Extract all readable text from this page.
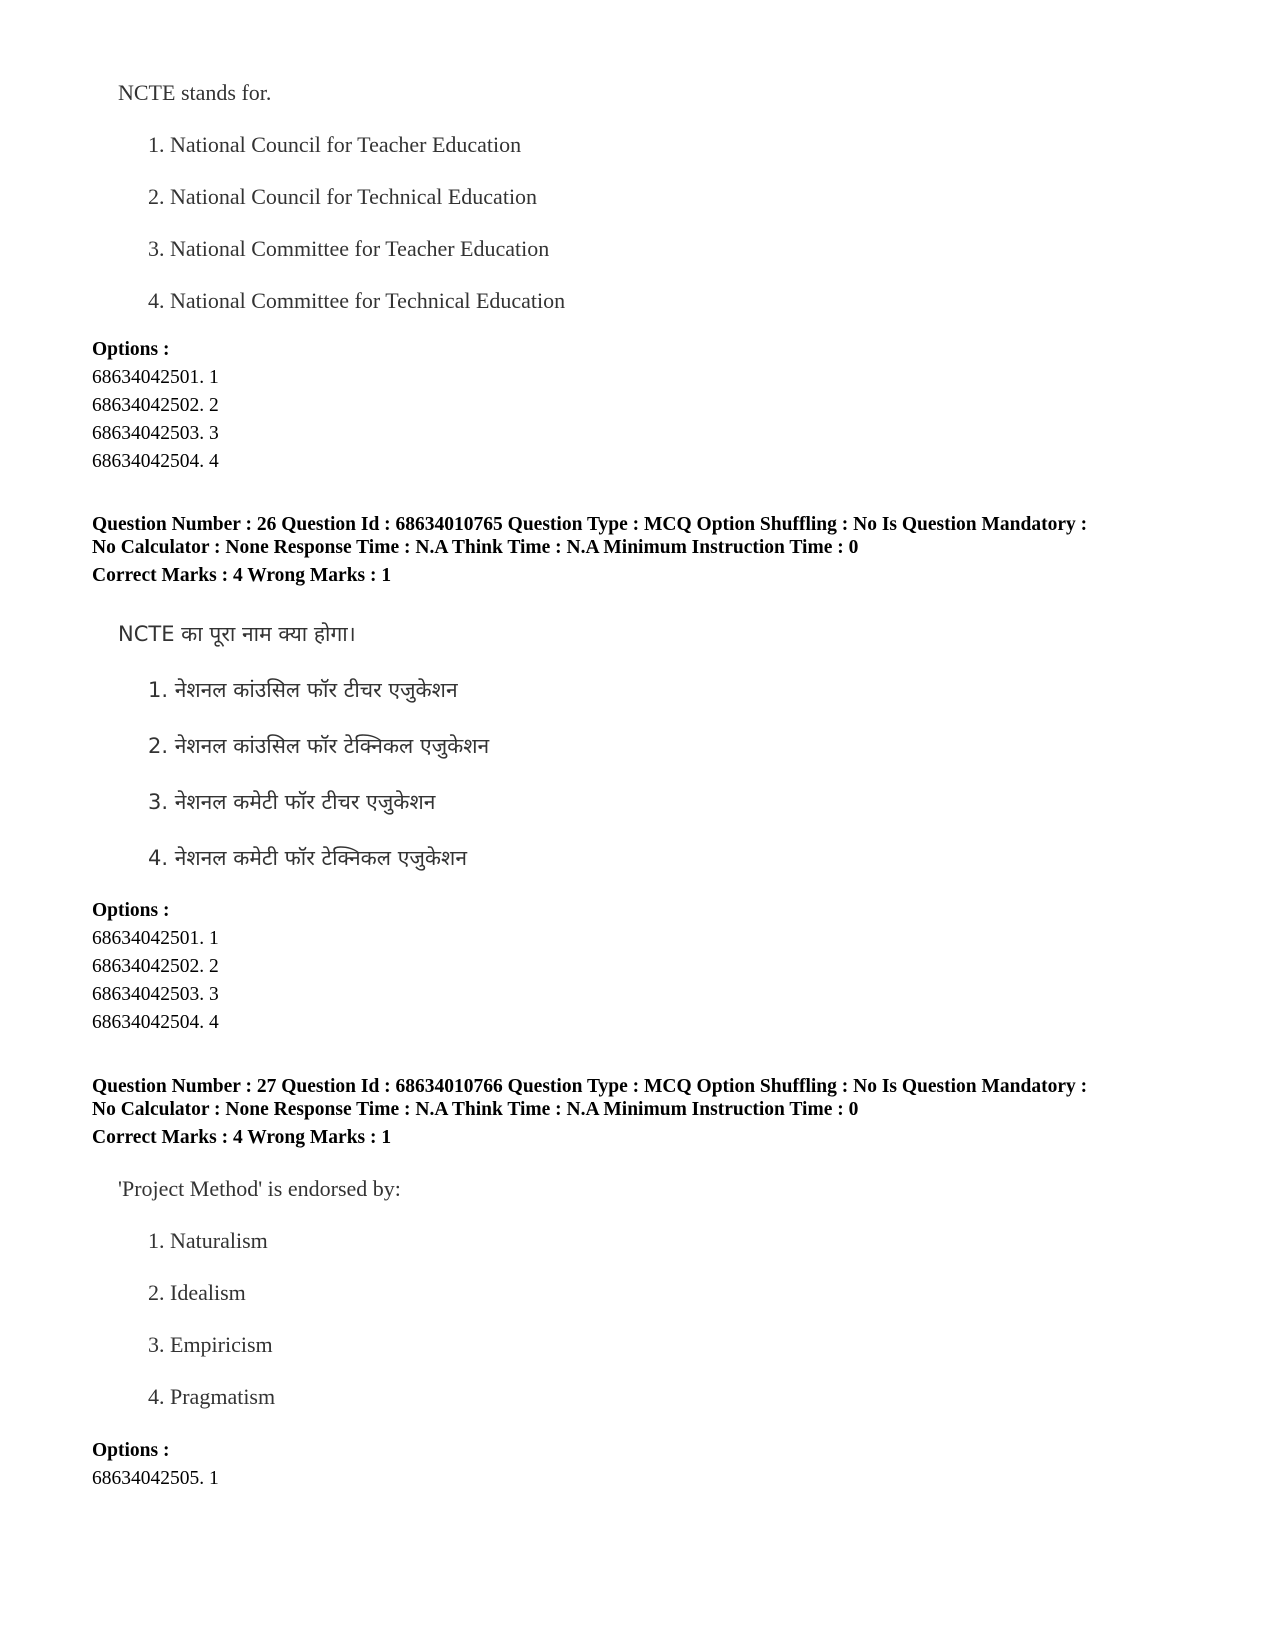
NCTE stands for.
1. National Council for Teacher Education
2. National Council for Technical Education
3. National Committee for Teacher Education
4. National Committee for Technical Education
Options :
68634042501. 1
68634042502. 2
68634042503. 3
68634042504. 4
Question Number : 26 Question Id : 68634010765 Question Type : MCQ Option Shuffling : No Is Question Mandatory :
No Calculator : None Response Time : N.A Think Time : N.A Minimum Instruction Time : 0
Correct Marks : 4 Wrong Marks : 1
NCTE का पूरा नाम क्या होगा।
1. नेशनल कांउसिल फॉर टीचर एजुकेशन
2. नेशनल कांउसिल फॉर टेक्निकल एजुकेशन
3. नेशनल कमेटी फॉर टीचर एजुकेशन
4. नेशनल कमेटी फॉर टेक्निकल एजुकेशन
Options :
68634042501. 1
68634042502. 2
68634042503. 3
68634042504. 4
Question Number : 27 Question Id : 68634010766 Question Type : MCQ Option Shuffling : No Is Question Mandatory :
No Calculator : None Response Time : N.A Think Time : N.A Minimum Instruction Time : 0
Correct Marks : 4 Wrong Marks : 1
'Project Method' is endorsed by:
1. Naturalism
2. Idealism
3. Empiricism
4. Pragmatism
Options :
68634042505. 1
